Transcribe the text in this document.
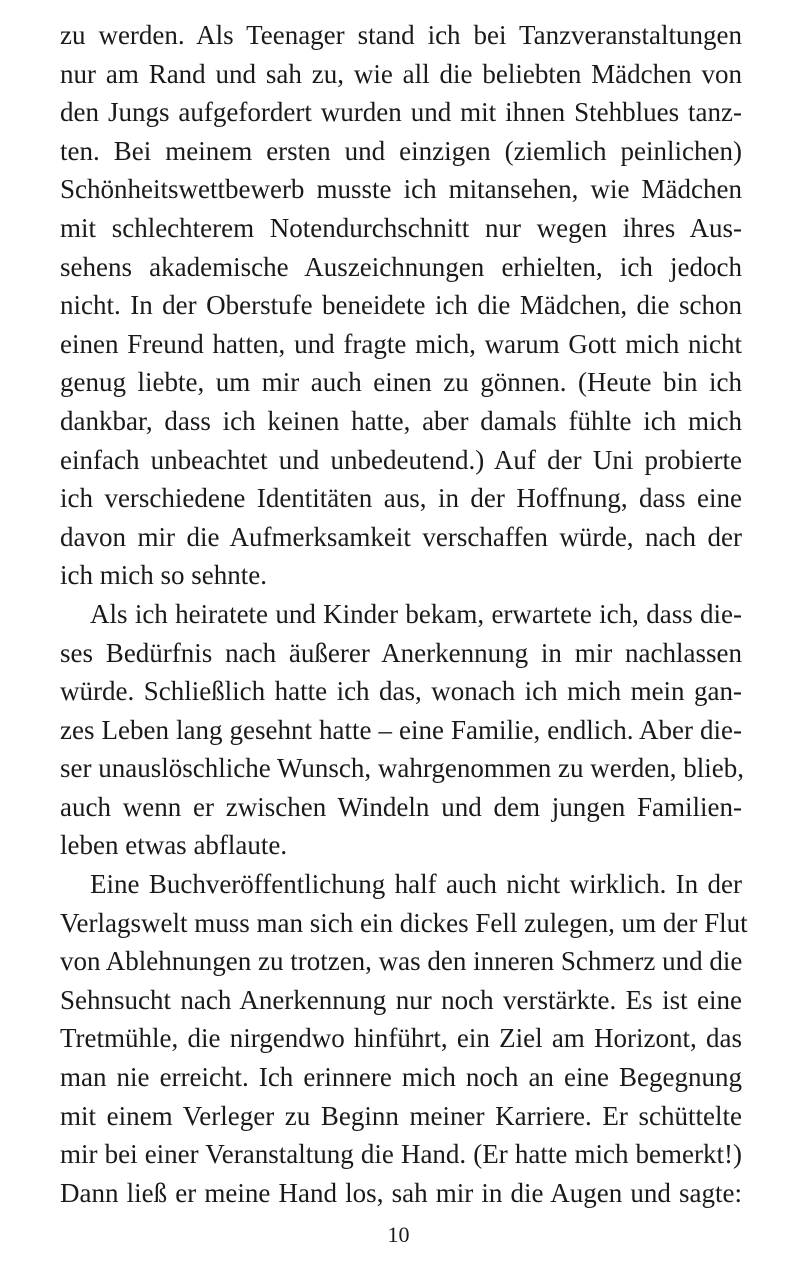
zu werden. Als Teenager stand ich bei Tanzveranstaltungen
nur am Rand und sah zu, wie all die beliebten Mädchen von
den Jungs aufgefordert wurden und mit ihnen Stehblues tanz-
ten. Bei meinem ersten und einzigen (ziemlich peinlichen)
Schönheitswettbewerb musste ich mitansehen, wie Mädchen
mit schlechterem Notendurchschnitt nur wegen ihres Aus-
sehens akademische Auszeichnungen erhielten, ich jedoch
nicht. In der Oberstufe beneidete ich die Mädchen, die schon
einen Freund hatten, und fragte mich, warum Gott mich nicht
genug liebte, um mir auch einen zu gönnen. (Heute bin ich
dankbar, dass ich keinen hatte, aber damals fühlte ich mich
einfach unbeachtet und unbedeutend.) Auf der Uni probierte
ich verschiedene Identitäten aus, in der Hoffnung, dass eine
davon mir die Aufmerksamkeit verschaffen würde, nach der
ich mich so sehnte.
Als ich heiratete und Kinder bekam, erwartete ich, dass die-
ses Bedürfnis nach äußerer Anerkennung in mir nachlassen
würde. Schließlich hatte ich das, wonach ich mich mein gan-
zes Leben lang gesehnt hatte – eine Familie, endlich. Aber die-
ser unauslöschliche Wunsch, wahrgenommen zu werden, blieb,
auch wenn er zwischen Windeln und dem jungen Familien-
leben etwas abflaute.
Eine Buchveröffentlichung half auch nicht wirklich. In der
Verlagswelt muss man sich ein dickes Fell zulegen, um der Flut
von Ablehnungen zu trotzen, was den inneren Schmerz und die
Sehnsucht nach Anerkennung nur noch verstärkte. Es ist eine
Tretmühle, die nirgendwo hinführt, ein Ziel am Horizont, das
man nie erreicht. Ich erinnere mich noch an eine Begegnung
mit einem Verleger zu Beginn meiner Karriere. Er schüttelte
mir bei einer Veranstaltung die Hand. (Er hatte mich bemerkt!)
Dann ließ er meine Hand los, sah mir in die Augen und sagte:
10
